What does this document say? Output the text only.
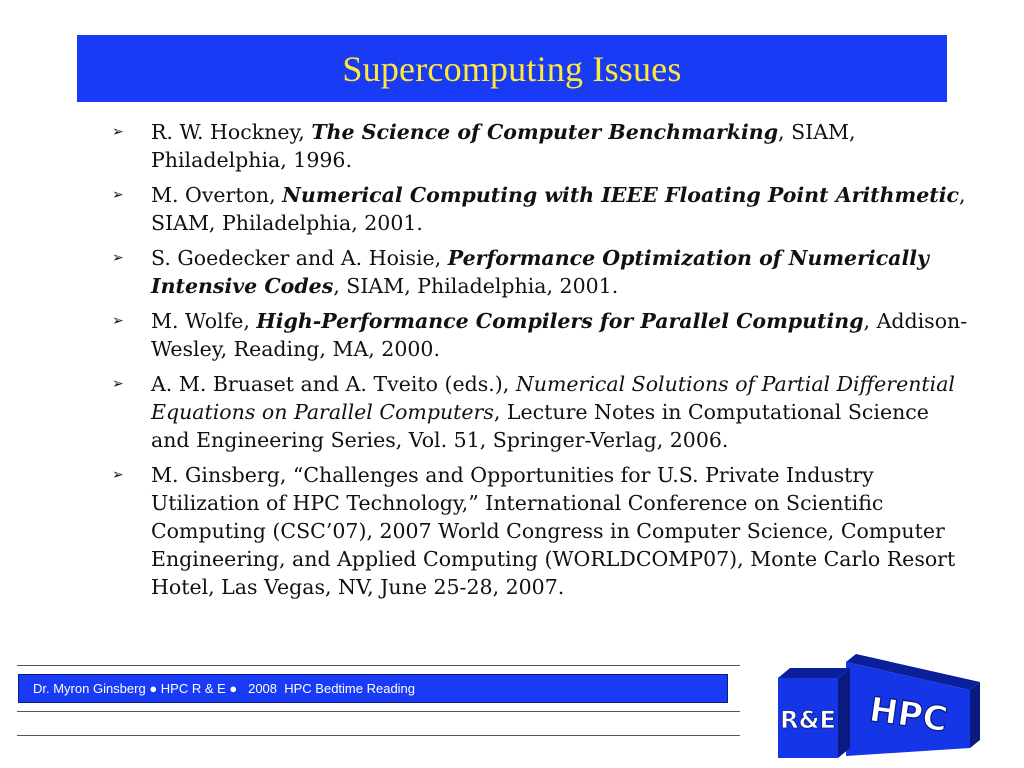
Supercomputing Issues
➢ R. W. Hockney, The Science of Computer Benchmarking, SIAM, Philadelphia, 1996.
➢ M. Overton, Numerical Computing with IEEE Floating Point Arithmetic, SIAM, Philadelphia, 2001.
➢ S. Goedecker and A. Hoisie, Performance Optimization of Numerically Intensive Codes, SIAM, Philadelphia, 2001.
➢ M. Wolfe, High-Performance Compilers for Parallel Computing, Addison-Wesley, Reading, MA, 2000.
➢ A. M. Bruaset and A. Tveito (eds.), Numerical Solutions of Partial Differential Equations on Parallel Computers, Lecture Notes in Computational Science and Engineering Series, Vol. 51, Springer-Verlag, 2006.
➢ M. Ginsberg, “Challenges and Opportunities for U.S. Private Industry Utilization of HPC Technology,” International Conference on Scientific Computing (CSC’07), 2007 World Congress in Computer Science, Computer Engineering, and Applied Computing (WORLDCOMP07), Monte Carlo Resort Hotel, Las Vegas, NV, June 25-28, 2007.
Dr. Myron Ginsberg ● HPC R & E ●   2008  HPC Bedtime Reading
HPC
R&E
